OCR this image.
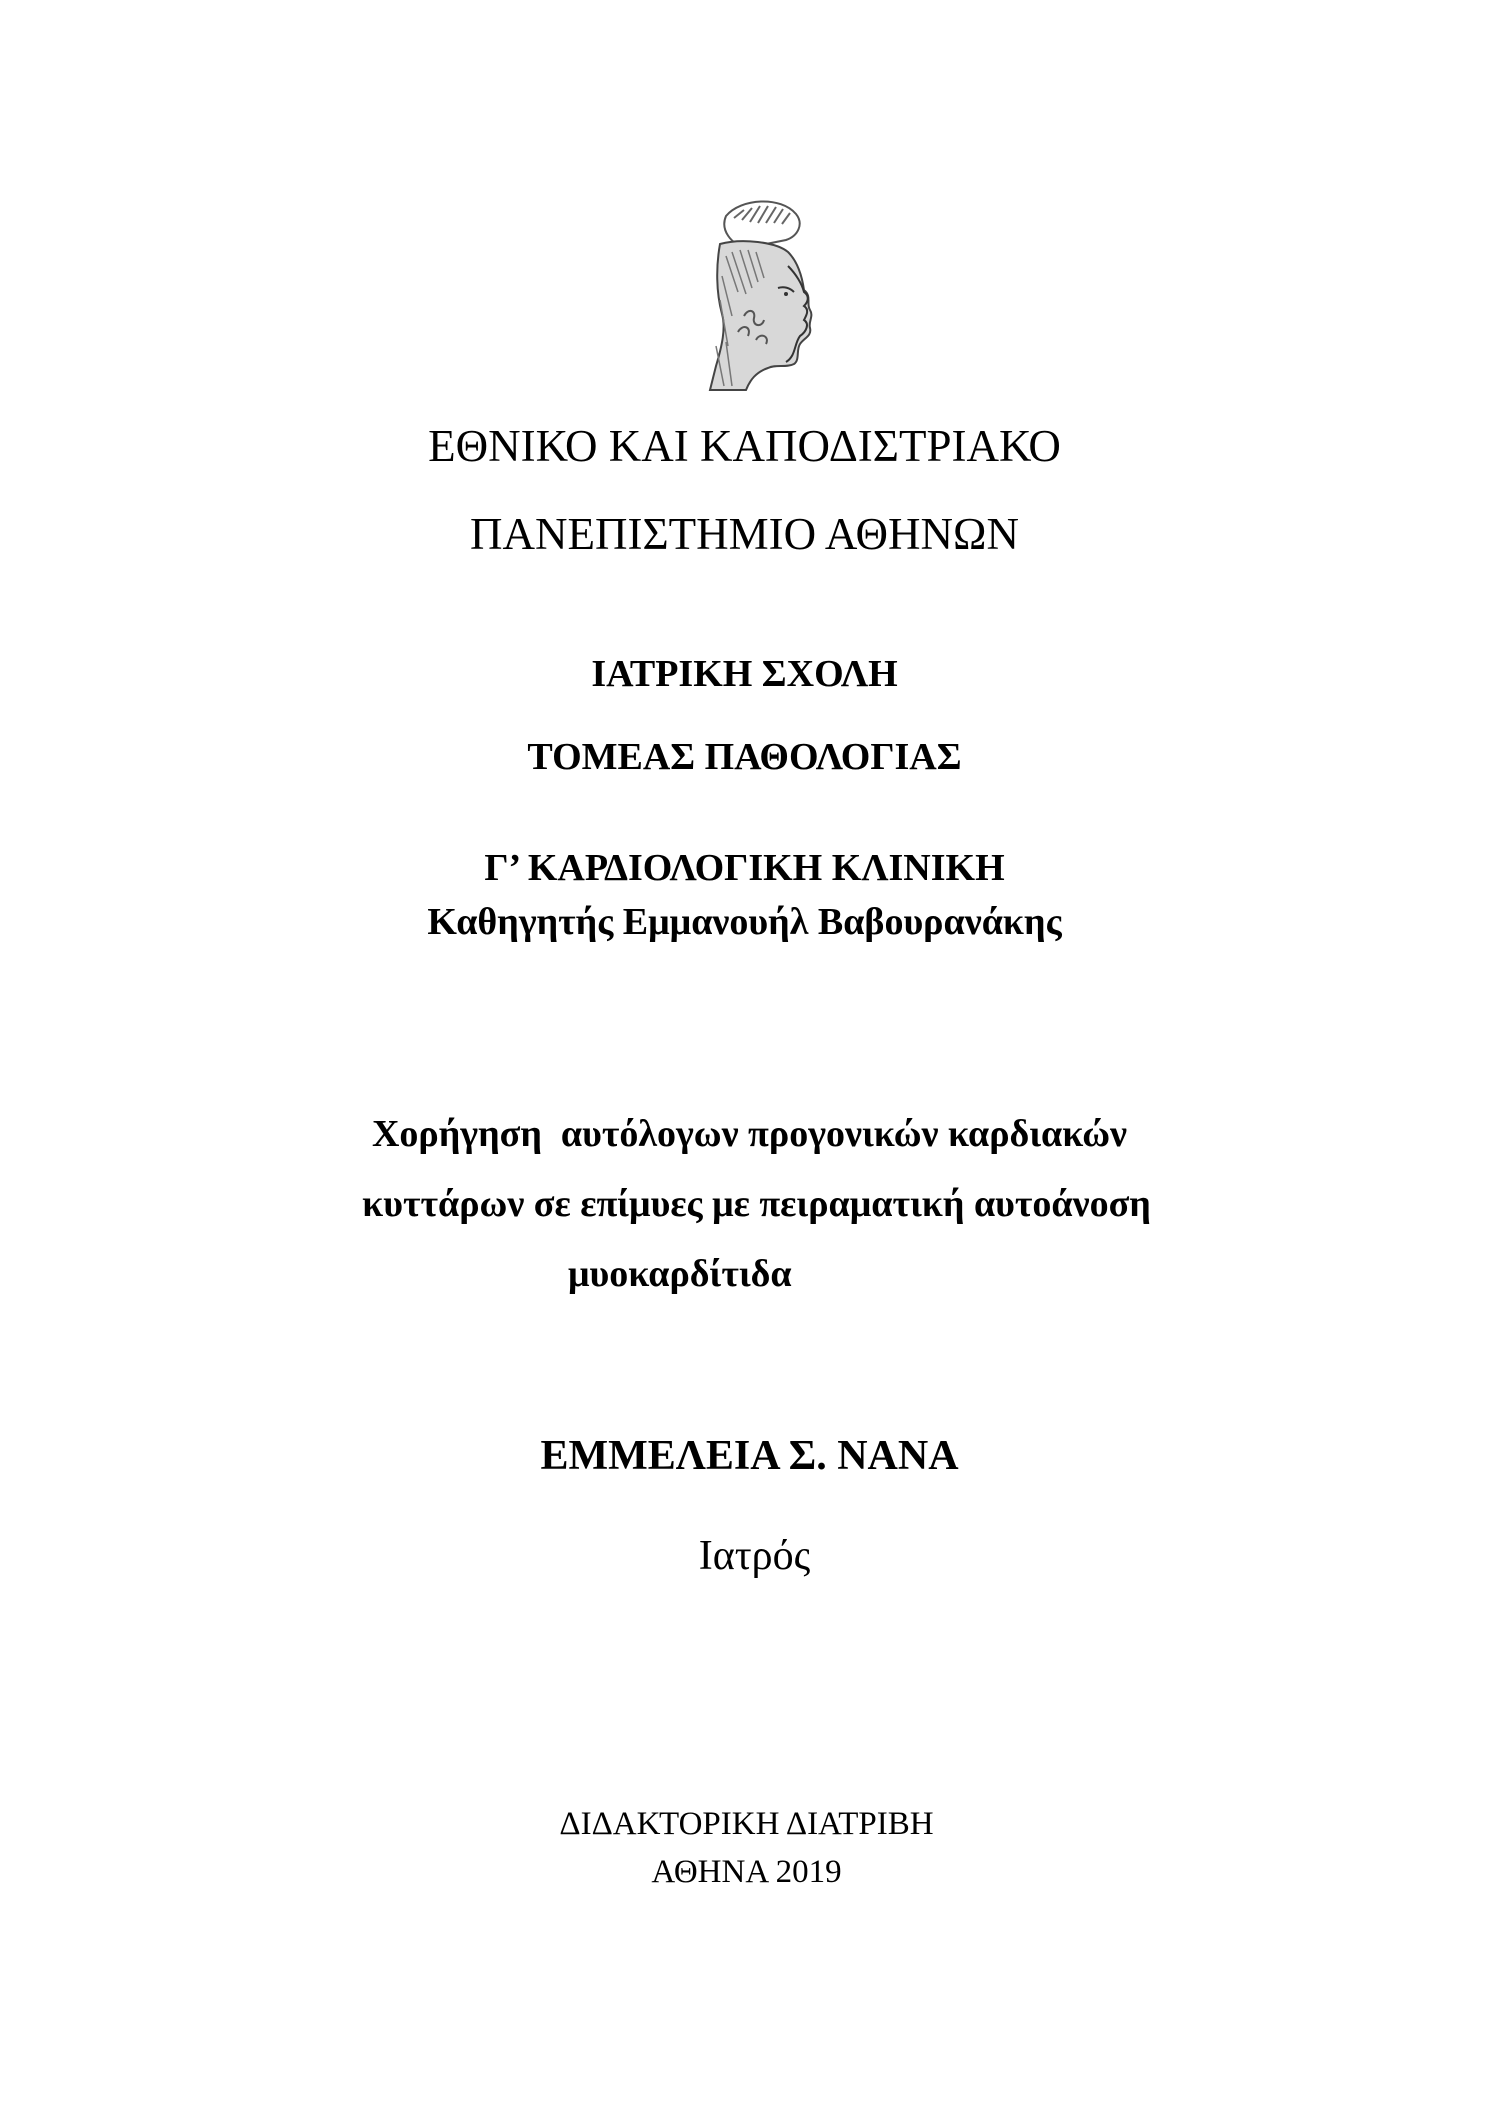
ΕΘΝΙΚΟ ΚΑΙ ΚΑΠΟΔΙΣΤΡΙΑΚΟ

ΠΑΝΕΠΙΣΤΗΜΙΟ ΑΘΗΝΩΝ

ΙΑΤΡΙΚΗ ΣΧΟΛΗ

ΤΟΜΕΑΣ ΠΑΘΟΛΟΓΙΑΣ

Γ’ ΚΑΡΔΙΟΛΟΓΙΚΗ ΚΛΙΝΙΚΗ

Καθηγητής Εμμανουήλ Βαβουρανάκης

Χορήγηση  αυτόλογων προγονικών καρδιακών

κυττάρων σε επίμυες με πειραματική αυτοάνοση

μυοκαρδίτιδα

ΕΜΜΕΛΕΙΑ Σ. ΝΑΝΑ

Ιατρός

ΔΙΔΑΚΤΟΡΙΚΗ ΔΙΑΤΡΙΒΗ

ΑΘΗΝΑ 2019
